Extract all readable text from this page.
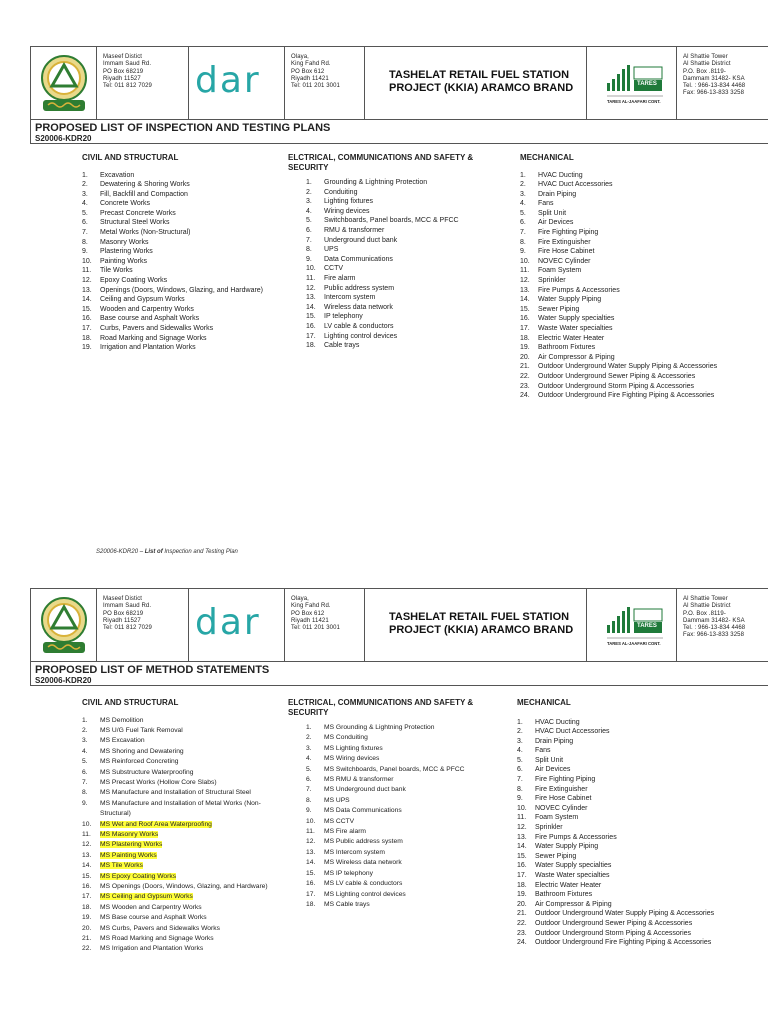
Maseef Distict
Immam Saud Rd.
PO Box 68219
Riyadh 11527
Tel: 011 812 7029	dar
Olaya,
King Fahd Rd.
PO Box 612
Riyadh 11421
Tel: 011 201 3001
TASHELAT RETAIL FUEL STATION
PROJECT (KKIA) ARAMCO BRAND	TARES
TARES AL-JAAFARI CONT.
Al Shattie Tower
Al Shattie District
P.O. Box .8119-
Dammam 31482- KSA
Tel. : 966-13-834 4468
Fax: 966-13-833 3258
PROPOSED LIST OF INSPECTION AND TESTING PLANS
S20006-KDR20
CIVIL AND STRUCTURAL
1. Excavation
2. Dewatering & Shoring Works
3. Fill, Backfill and Compaction
4. Concrete Works
5. Precast Concrete Works
6. Structural Steel Works
7. Metal Works (Non-Structural)
8. Masonry Works
9. Plastering Works
10. Painting Works
11. Tile Works
12. Epoxy Coating Works
13. Openings (Doors, Windows, Glazing, and Hardware)
14. Ceiling and Gypsum Works
15. Wooden and Carpentry Works
16. Base course and Asphalt Works
17. Curbs, Pavers and Sidewalks Works
18. Road Marking and Signage Works
19. Irrigation and Plantation Works
ELCTRICAL, COMMUNICATIONS AND SAFETY & SECURITY
1. Grounding & Lightning Protection
2. Conduiting
3. Lighting fixtures
4. Wiring devices
5. Switchboards, Panel boards, MCC & PFCC
6. RMU & transformer
7. Underground duct bank
8. UPS
9. Data Communications
10. CCTV
11. Fire alarm
12. Public address system
13. Intercom system
14. Wireless data network
15. IP telephony
16. LV cable & conductors
17. Lighting control devices
18. Cable trays
MECHANICAL
1. HVAC Ducting
2. HVAC Duct Accessories
3. Drain Piping
4. Fans
5. Split Unit
6. Air Devices
7. Fire Fighting Piping
8. Fire Extinguisher
9. Fire Hose Cabinet
10. NOVEC Cylinder
11. Foam System
12. Sprinkler
13. Fire Pumps & Accessories
14. Water Supply Piping
15. Sewer Piping
16. Water Supply specialties
17. Waste Water specialties
18. Electric Water Heater
19. Bathroom Fixtures
20. Air Compressor & Piping
21. Outdoor Underground Water Supply Piping & Accessories
22. Outdoor Underground Sewer Piping & Accessories
23. Outdoor Underground Storm Piping & Accessories
24. Outdoor Underground Fire Fighting Piping & Accessories
S20006-KDR20 – List of Inspection and Testing Plan
Maseef Distict
Immam Saud Rd.
PO Box 68219
Riyadh 11527
Tel: 011 812 7029	dar
Olaya,
King Fahd Rd.
PO Box 612
Riyadh 11421
Tel: 011 201 3001
TASHELAT RETAIL FUEL STATION
PROJECT (KKIA) ARAMCO BRAND	TARES
TARES AL-JAAFARI CONT.
Al Shattie Tower
Al Shattie District
P.O. Box .8119-
Dammam 31482- KSA
Tel. : 966-13-834 4468
Fax: 966-13-833 3258
PROPOSED LIST OF METHOD STATEMENTS
S20006-KDR20
CIVIL AND STRUCTURAL
1. MS Demolition
2. MS U/G Fuel Tank Removal
3. MS Excavation
4. MS Shoring and Dewatering
5. MS Reinforced Concreting
6. MS Substructure Waterproofing
7. MS Precast Works (Hollow Core Slabs)
8. MS Manufacture and Installation of Structural Steel
9. MS Manufacture and Installation of Metal Works (Non-Structural)
10. MS Wet and Roof Area Waterproofing
11. MS Masonry Works
12. MS Plastering Works
13. MS Painting Works
14. MS Tile Works
15. MS Epoxy Coating Works
16. MS Openings (Doors, Windows, Glazing, and Hardware)
17. MS Ceiling and Gypsum Works
18. MS Wooden and Carpentry Works
19. MS Base course and Asphalt Works
20. MS Curbs, Pavers and Sidewalks Works
21. MS Road Marking and Signage Works
22. MS Irrigation and Plantation Works
ELCTRICAL, COMMUNICATIONS AND SAFETY & SECURITY
1. MS Grounding & Lightning Protection
2. MS Conduiting
3. MS Lighting fixtures
4. MS Wiring devices
5. MS Switchboards, Panel boards, MCC & PFCC
6. MS RMU & transformer
7. MS Underground duct bank
8. MS UPS
9. MS Data Communications
10. MS CCTV
11. MS Fire alarm
12. MS Public address system
13. MS Intercom system
14. MS Wireless data network
15. MS IP telephony
16. MS LV cable & conductors
17. MS Lighting control devices
18. MS Cable trays
MECHANICAL
1. HVAC Ducting
2. HVAC Duct Accessories
3. Drain Piping
4. Fans
5. Split Unit
6. Air Devices
7. Fire Fighting Piping
8. Fire Extinguisher
9. Fire Hose Cabinet
10. NOVEC Cylinder
11. Foam System
12. Sprinkler
13. Fire Pumps & Accessories
14. Water Supply Piping
15. Sewer Piping
16. Water Supply specialties
17. Waste Water specialties
18. Electric Water Heater
19. Bathroom Fixtures
20. Air Compressor & Piping
21. Outdoor Underground Water Supply Piping & Accessories
22. Outdoor Underground Sewer Piping & Accessories
23. Outdoor Underground Storm Piping & Accessories
24. Outdoor Underground Fire Fighting Piping & Accessories
